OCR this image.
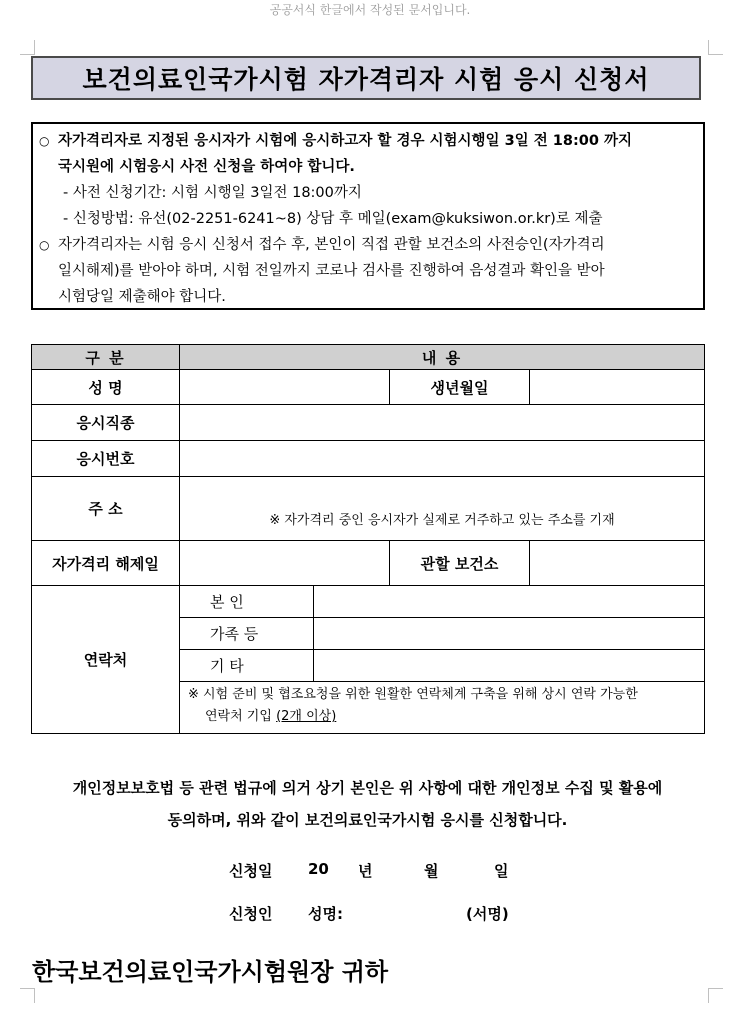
공공서식 한글에서 작성된 문서입니다.
보건의료인국가시험 자가격리자 시험 응시 신청서
○ 자가격리자로 지정된 응시자가 시험에 응시하고자 할 경우 시험시행일 3일 전 18:00 까지
국시원에 시험응시 사전 신청을 하여야 합니다.
- 사전 신청기간: 시험 시행일 3일전 18:00까지
- 신청방법: 유선(02-2251-6241~8) 상담 후 메일(exam@kuksiwon.or.kr)로 제출
○ 자가격리자는 시험 응시 신청서 접수 후, 본인이 직접 관할 보건소의 사전승인(자가격리
일시해제)를 받아야 하며, 시험 전일까지 코로나 검사를 진행하여 음성결과 확인을 받아
시험당일 제출해야 합니다.
구 분	내 용			
성 명			생년월일	
응시직종				
응시번호				
주 소	※ 자가격리 중인 응시자가 실제로 거주하고 있는 주소를 기재			
자가격리 해제일			관할 보건소	
연락처	본 인			
	가족 등			
	기 타			

	※ 시험 준비 및 협조요청을 위한 원활한 연락체계 구축을 위해 상시 연락 가능한
연락처 기입 (2개 이상)			
개인정보보호법 등 관련 법규에 의거 상기 본인은 위 사항에 대한 개인정보 수집 및 활용에
동의하며, 위와 같이 보건의료인국가시험 응시를 신청합니다.
신청일 20 년	월	일
신청인 성명:	(서명)
한국보건의료인국가시험원장 귀하
